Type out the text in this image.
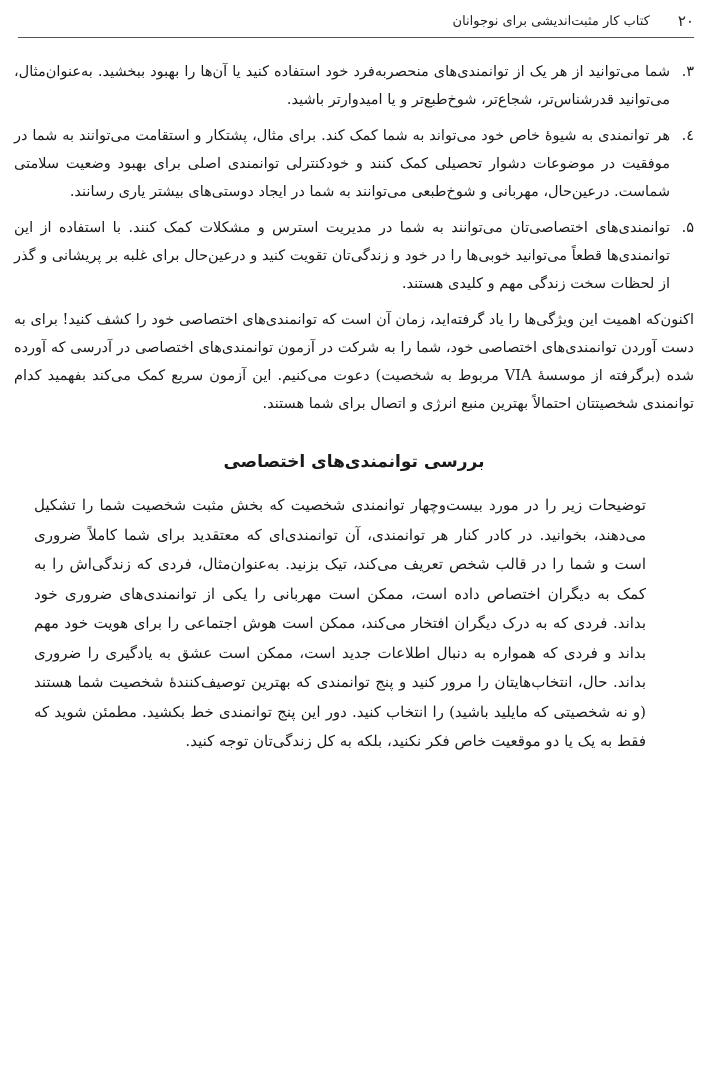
۲۰
کتاب کار مثبت‌اندیشی برای نوجوانان
۳.
شما می‌توانید از هر یک از توانمندی‌های منحصربه‌فرد خود استفاده کنید یا آن‌ها را بهبود ببخشید. به‌عنوان‌مثال، می‌توانید قدرشناس‌تر، شجاع‌تر، شوخ‌طبع‌تر و یا امیدوارتر باشید.
٤.
هر توانمندی به شیوهٔ خاص خود می‌تواند به شما کمک کند. برای مثال، پشتکار و استقامت می‌توانند به شما در موفقیت در موضوعات دشوار تحصیلی کمک کنند و خودکنترلی توانمندی اصلی برای بهبود وضعیت سلامتی شماست. درعین‌حال، مهربانی و شوخ‌طبعی می‌توانند به شما در ایجاد دوستی‌های بیشتر یاری رسانند.
۵.
توانمندی‌های اختصاصی‌تان می‌توانند به شما در مدیریت استرس و مشکلات کمک کنند. با استفاده از این توانمندی‌ها قطعاً می‌توانید خوبی‌ها را در خود و زندگی‌تان تقویت کنید و درعین‌حال برای غلبه بر پریشانی و گذر از لحظات سخت زندگی مهم و کلیدی هستند.

اکنون‌که اهمیت این ویژگی‌ها را یاد گرفته‌اید، زمان آن است که توانمندی‌های اختصاصی خود را کشف کنید! برای به دست آوردن توانمندی‌های اختصاصی خود، شما را به شرکت در آزمون توانمندی‌های اختصاصی در آدرسی که آورده شده (برگرفته از موسسهٔ VIA مربوط به شخصیت) دعوت می‌کنیم. این آزمون سریع کمک می‌کند بفهمید کدام توانمندی شخصیتتان احتمالاً بهترین منبع انرژی و اتصال برای شما هستند.

بررسی توانمندی‌های اختصاصی

توضیحات زیر را در مورد بیست‌وچهار توانمندی شخصیت که بخش مثبت شخصیت شما را تشکیل می‌دهند، بخوانید. در کادر کنار هر توانمندی، آن توانمندی‌ای که معتقدید برای شما کاملاً ضروری است و شما را در قالب شخص تعریف می‌کند، تیک بزنید. به‌عنوان‌مثال، فردی که زندگی‌اش را به کمک به دیگران اختصاص داده است، ممکن است مهربانی را یکی از توانمندی‌های ضروری خود بداند. فردی که به درک دیگران افتخار می‌کند، ممکن است هوش اجتماعی را برای هویت خود مهم بداند و فردی که همواره به دنبال اطلاعات جدید است، ممکن است عشق به یادگیری را ضروری بداند. حال، انتخاب‌هایتان را مرور کنید و پنج توانمندی که بهترین توصیف‌کنندهٔ شخصیت شما هستند (و نه شخصیتی که مایلید باشید) را انتخاب کنید. دور این پنج توانمندی خط بکشید. مطمئن شوید که فقط به یک یا دو موقعیت خاص فکر نکنید، بلکه به کل زندگی‌تان توجه کنید.
